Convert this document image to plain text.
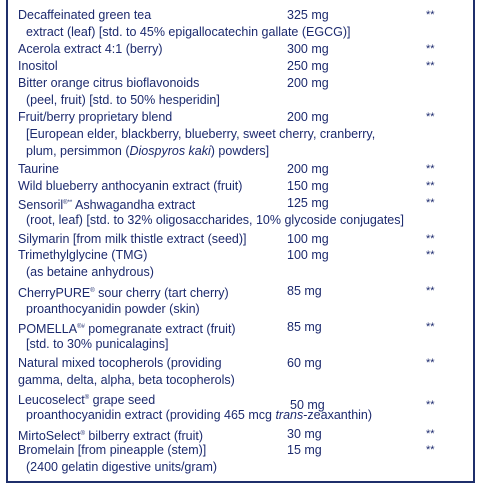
Decaffeinated green tea	325 mg	**
extract (leaf) [std. to 45% epigallocatechin gallate (EGCG)]
Acerola extract 4:1 (berry)	300 mg	**
Inositol	250 mg	**
Bitter orange citrus bioflavonoids	200 mg
(peel, fruit) [std. to 50% hesperidin]
Fruit/berry proprietary blend	200 mg	**
[European elder, blackberry, blueberry, sweet cherry, cranberry,
plum, persimmon (Diospyros kaki) powders]
Taurine	200 mg	**
Wild blueberry anthocyanin extract (fruit)	150 mg	**
Sensoril®** Ashwagandha extract	125 mg	**
(root, leaf) [std. to 32% oligosaccharides, 10% glycoside conjugates]
Silymarin [from milk thistle extract (seed)]	100 mg	**
Trimethylglycine (TMG)	100 mg	**
(as betaine anhydrous)
CherryPURE® sour cherry (tart cherry)	85 mg	**
proanthocyanidin powder (skin)
POMELLA®# pomegranate extract (fruit)	85 mg	**
[std. to 30% punicalagins]
Natural mixed tocopherols (providing	60 mg	**
gamma, delta, alpha, beta tocopherols)
Leucoselect® grape seed	50 mg	**
proanthocyanidin extract (providing 465 mcg trans-zeaxanthin)
MirtoSelect® bilberry extract (fruit)	30 mg	**
Bromelain [from pineapple (stem)]	15 mg	**
(2400 gelatin digestive units/gram)
